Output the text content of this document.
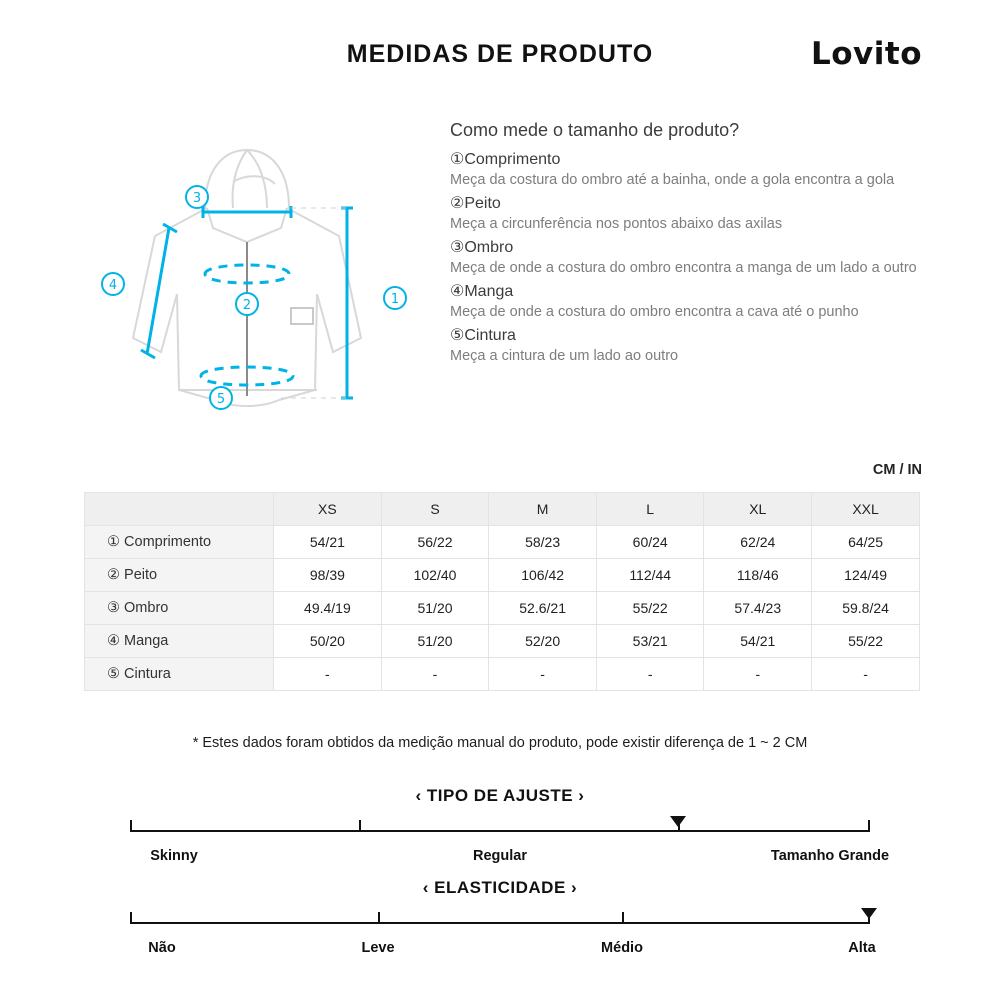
MEDIDAS DE PRODUTO	Lovito
1
2
3
4
5
Como mede o tamanho de produto?
①Comprimento
Meça da costura do ombro até a bainha, onde a gola encontra a gola
②Peito
Meça a circunferência nos pontos abaixo das axilas
③Ombro
Meça de onde a costura do ombro encontra a manga de um lado a outro
④Manga
Meça de onde a costura do ombro encontra a cava até o punho
⑤Cintura
Meça a cintura de um lado ao outro
CM / IN
	XS	S	M	L	XL	XXL
① Comprimento	54/21	56/22	58/23	60/24	62/24	64/25
② Peito	98/39	102/40	106/42	112/44	118/46	124/49
③ Ombro	49.4/19	51/20	52.6/21	55/22	57.4/23	59.8/24
④ Manga	50/20	51/20	52/20	53/21	54/21	55/22
⑤ Cintura	-	-	-	-	-	-
* Estes dados foram obtidos da medição manual do produto, pode existir diferença de 1 ~ 2 CM
‹ TIPO DE AJUSTE ›
Skinny	Regular	Tamanho Grande
‹ ELASTICIDADE ›
Não	Leve	Médio	Alta
